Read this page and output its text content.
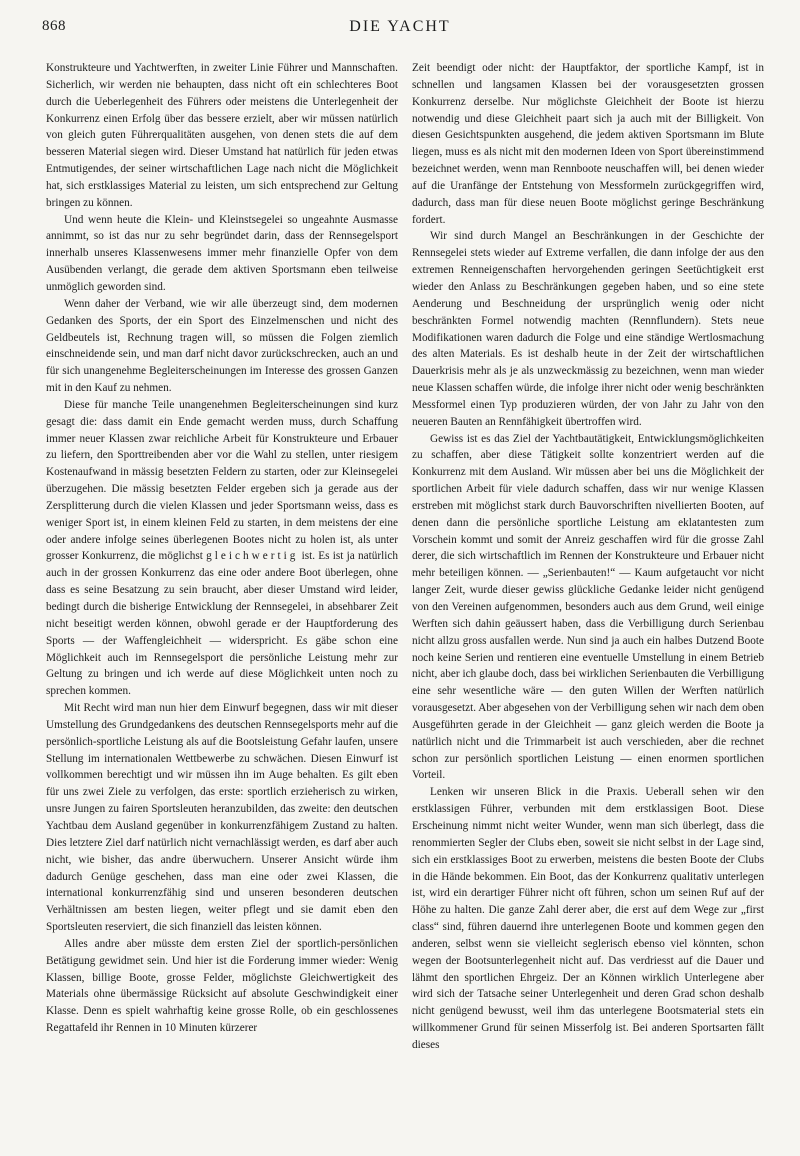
868	DIE YACHT

Konstrukteure und Yachtwerften, in zweiter Linie Führer und Mannschaften. Sicherlich, wir werden nie behaupten, dass nicht oft ein schlechteres Boot durch die Ueberlegenheit des Führers oder meistens die Unterlegenheit der Konkurrenz einen Erfolg über das bessere erzielt, aber wir müssen natürlich von gleich guten Führerqualitäten ausgehen, von denen stets die auf dem besseren Material siegen wird. Dieser Umstand hat natürlich für jeden etwas Entmutigendes, der seiner wirtschaftlichen Lage nach nicht die Möglichkeit hat, sich erstklassiges Material zu leisten, um sich entsprechend zur Geltung bringen zu können.

Und wenn heute die Klein- und Kleinstsegelei so ungeahnte Ausmasse annimmt, so ist das nur zu sehr begründet darin, dass der Rennsegelsport innerhalb unseres Klassenwesens immer mehr finanzielle Opfer von dem Ausübenden verlangt, die gerade dem aktiven Sportsmann eben teilweise unmöglich geworden sind.

Wenn daher der Verband, wie wir alle überzeugt sind, dem modernen Gedanken des Sports, der ein Sport des Einzelmenschen und nicht des Geldbeutels ist, Rechnung tragen will, so müssen die Folgen ziemlich einschneidende sein, und man darf nicht davor zurückschrecken, auch an und für sich unangenehme Begleiterscheinungen im Interesse des grossen Ganzen mit in den Kauf zu nehmen.

Diese für manche Teile unangenehmen Begleiterscheinungen sind kurz gesagt die: dass damit ein Ende gemacht werden muss, durch Schaffung immer neuer Klassen zwar reichliche Arbeit für Konstrukteure und Erbauer zu liefern, den Sporttreibenden aber vor die Wahl zu stellen, unter riesigem Kostenaufwand in mässig besetzten Feldern zu starten, oder zur Kleinsegelei überzugehen. Die mässig besetzten Felder ergeben sich ja gerade aus der Zersplitterung durch die vielen Klassen und jeder Sportsmann weiss, dass es weniger Sport ist, in einem kleinen Feld zu starten, in dem meistens der eine oder andere infolge seines überlegenen Bootes nicht zu holen ist, als unter grosser Konkurrenz, die möglichst gleichwertig ist. Es ist ja natürlich auch in der grossen Konkurrenz das eine oder andere Boot überlegen, ohne dass es seine Besatzung zu sein braucht, aber dieser Umstand wird leider, bedingt durch die bisherige Entwicklung der Rennsegelei, in absehbarer Zeit nicht beseitigt werden können, obwohl gerade er der Hauptforderung des Sports — der Waffengleichheit — widerspricht. Es gäbe schon eine Möglichkeit auch im Rennsegelsport die persönliche Leistung mehr zur Geltung zu bringen und ich werde auf diese Möglichkeit unten noch zu sprechen kommen.

Mit Recht wird man nun hier dem Einwurf begegnen, dass wir mit dieser Umstellung des Grundgedankens des deutschen Rennsegelsports mehr auf die persönlich-sportliche Leistung als auf die Bootsleistung Gefahr laufen, unsere Stellung im internationalen Wettbewerbe zu schwächen. Diesen Einwurf ist vollkommen berechtigt und wir müssen ihn im Auge behalten. Es gilt eben für uns zwei Ziele zu verfolgen, das erste: sportlich erzieherisch zu wirken, unsre Jungen zu fairen Sportsleuten heranzubilden, das zweite: den deutschen Yachtbau dem Ausland gegenüber in konkurrenzfähigem Zustand zu halten. Dies letztere Ziel darf natürlich nicht vernachlässigt werden, es darf aber auch nicht, wie bisher, das andre überwuchern. Unserer Ansicht würde ihm dadurch Genüge geschehen, dass man eine oder zwei Klassen, die international konkurrenzfähig sind und unseren besonderen deutschen Verhältnissen am besten liegen, weiter pflegt und sie damit eben den Sportsleuten reserviert, die sich finanziell das leisten können.

Alles andre aber müsste dem ersten Ziel der sportlich-persönlichen Betätigung gewidmet sein. Und hier ist die Forderung immer wieder: Wenig Klassen, billige Boote, grosse Felder, möglichste Gleichwertigkeit des Materials ohne übermässige Rücksicht auf absolute Geschwindigkeit einer Klasse. Denn es spielt wahrhaftig keine grosse Rolle, ob ein geschlossenes Regattafeld ihr Rennen in 10 Minuten kürzerer

Zeit beendigt oder nicht: der Hauptfaktor, der sportliche Kampf, ist in schnellen und langsamen Klassen bei der vorausgesetzten grossen Konkurrenz derselbe. Nur möglichste Gleichheit der Boote ist hierzu notwendig und diese Gleichheit paart sich ja auch mit der Billigkeit. Von diesen Gesichtspunkten ausgehend, die jedem aktiven Sportsmann im Blute liegen, muss es als nicht mit den modernen Ideen von Sport übereinstimmend bezeichnet werden, wenn man Rennboote neuschaffen will, bei denen wieder auf die Uranfänge der Entstehung von Messformeln zurückgegriffen wird, dadurch, dass man für diese neuen Boote möglichst geringe Beschränkung fordert.

Wir sind durch Mangel an Beschränkungen in der Geschichte der Rennsegelei stets wieder auf Extreme verfallen, die dann infolge der aus den extremen Renneigenschaften hervorgehenden geringen Seetüchtigkeit erst wieder den Anlass zu Beschränkungen gegeben haben, und so eine stete Aenderung und Beschneidung der ursprünglich wenig oder nicht beschränkten Formel notwendig machten (Rennflundern). Stets neue Modifikationen waren dadurch die Folge und eine ständige Wertlosmachung des alten Materials. Es ist deshalb heute in der Zeit der wirtschaftlichen Dauerkrisis mehr als je als unzweckmässig zu bezeichnen, wenn man wieder neue Klassen schaffen würde, die infolge ihrer nicht oder wenig beschränkten Messformel einen Typ produzieren würden, der von Jahr zu Jahr von den neueren Bauten an Rennfähigkeit übertroffen wird.

Gewiss ist es das Ziel der Yachtbautätigkeit, Entwicklungsmöglichkeiten zu schaffen, aber diese Tätigkeit sollte konzentriert werden auf die Konkurrenz mit dem Ausland. Wir müssen aber bei uns die Möglichkeit der sportlichen Arbeit für viele dadurch schaffen, dass wir nur wenige Klassen erstreben mit möglichst stark durch Bauvorschriften nivellierten Booten, auf denen dann die persönliche sportliche Leistung am eklatantesten zum Vorschein kommt und somit der Anreiz geschaffen wird für die grosse Zahl derer, die sich wirtschaftlich im Rennen der Konstrukteure und Erbauer nicht mehr beteiligen können. — „Serienbauten!“ — Kaum aufgetaucht vor nicht langer Zeit, wurde dieser gewiss glückliche Gedanke leider nicht genügend von den Vereinen aufgenommen, besonders auch aus dem Grund, weil einige Werften sich dahin geäussert haben, dass die Verbilligung durch Serienbau nicht allzu gross ausfallen werde. Nun sind ja auch ein halbes Dutzend Boote noch keine Serien und rentieren eine eventuelle Umstellung in einem Betrieb nicht, aber ich glaube doch, dass bei wirklichen Serienbauten die Verbilligung eine sehr wesentliche wäre — den guten Willen der Werften natürlich vorausgesetzt. Aber abgesehen von der Verbilligung sehen wir nach dem oben Ausgeführten gerade in der Gleichheit — ganz gleich werden die Boote ja natürlich nicht und die Trimmarbeit ist auch verschieden, aber die rechnet schon zur persönlich sportlichen Leistung — einen enormen sportlichen Vorteil.

Lenken wir unseren Blick in die Praxis. Ueberall sehen wir den erstklassigen Führer, verbunden mit dem erstklassigen Boot. Diese Erscheinung nimmt nicht weiter Wunder, wenn man sich überlegt, dass die renommierten Segler der Clubs eben, soweit sie nicht selbst in der Lage sind, sich ein erstklassiges Boot zu erwerben, meistens die besten Boote der Clubs in die Hände bekommen. Ein Boot, das der Konkurrenz qualitativ unterlegen ist, wird ein derartiger Führer nicht oft führen, schon um seinen Ruf auf der Höhe zu halten. Die ganze Zahl derer aber, die erst auf dem Wege zur „first class“ sind, führen dauernd ihre unterlegenen Boote und kommen gegen den anderen, selbst wenn sie vielleicht seglerisch ebenso viel könnten, schon wegen der Bootsunterlegenheit nicht auf. Das verdriesst auf die Dauer und lähmt den sportlichen Ehrgeiz. Der an Können wirklich Unterlegene aber wird sich der Tatsache seiner Unterlegenheit und deren Grad schon deshalb nicht genügend bewusst, weil ihm das unterlegene Bootsmaterial stets ein willkommener Grund für seinen Misserfolg ist. Bei anderen Sportsarten fällt dieses
